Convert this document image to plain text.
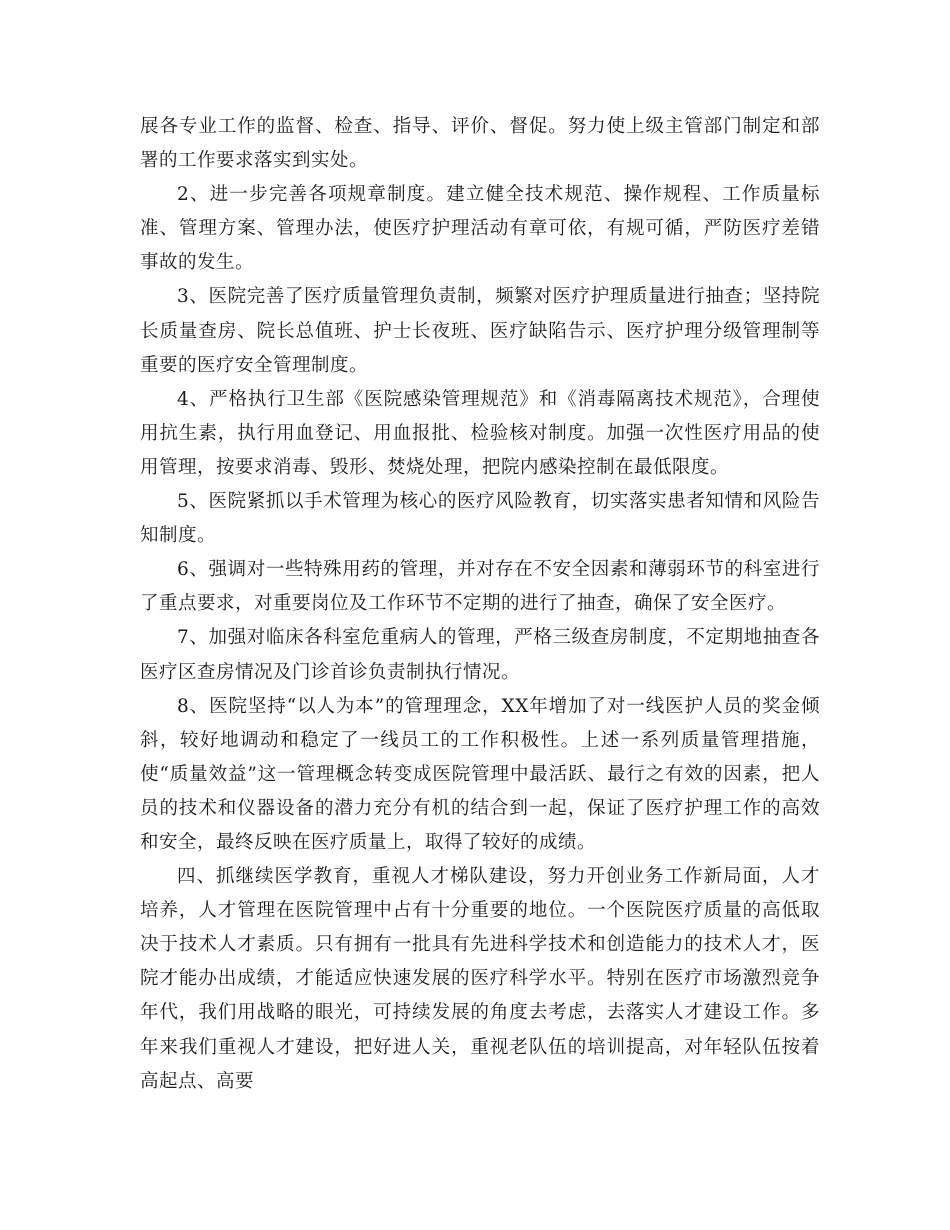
展各专业工作的监督、检查、指导、评价、督促。努力使上级主管部门制定和部署的工作要求落实到实处。

2、进一步完善各项规章制度。建立健全技术规范、操作规程、工作质量标准、管理方案、管理办法，使医疗护理活动有章可依，有规可循，严防医疗差错事故的发生。

3、医院完善了医疗质量管理负责制，频繁对医疗护理质量进行抽查；坚持院长质量查房、院长总值班、护士长夜班、医疗缺陷告示、医疗护理分级管理制等重要的医疗安全管理制度。

4、严格执行卫生部《医院感染管理规范》和《消毒隔离技术规范》，合理使用抗生素，执行用血登记、用血报批、检验核对制度。加强一次性医疗用品的使用管理，按要求消毒、毁形、焚烧处理，把院内感染控制在最低限度。

5、医院紧抓以手术管理为核心的医疗风险教育，切实落实患者知情和风险告知制度。

6、强调对一些特殊用药的管理，并对存在不安全因素和薄弱环节的科室进行了重点要求，对重要岗位及工作环节不定期的进行了抽查，确保了安全医疗。

7、加强对临床各科室危重病人的管理，严格三级查房制度，不定期地抽查各医疗区查房情况及门诊首诊负责制执行情况。

8、医院坚持“以人为本”的管理理念，XX年增加了对一线医护人员的奖金倾斜，较好地调动和稳定了一线员工的工作积极性。上述一系列质量管理措施，使“质量效益”这一管理概念转变成医院管理中最活跃、最行之有效的因素，把人员的技术和仪器设备的潜力充分有机的结合到一起，保证了医疗护理工作的高效和安全，最终反映在医疗质量上，取得了较好的成绩。

四、抓继续医学教育，重视人才梯队建设，努力开创业务工作新局面，人才培养，人才管理在医院管理中占有十分重要的地位。一个医院医疗质量的高低取决于技术人才素质。只有拥有一批具有先进科学技术和创造能力的技术人才，医院才能办出成绩，才能适应快速发展的医疗科学水平。特别在医疗市场激烈竞争年代，我们用战略的眼光，可持续发展的角度去考虑，去落实人才建设工作。多年来我们重视人才建设，把好进人关，重视老队伍的培训提高，对年轻队伍按着高起点、高要
